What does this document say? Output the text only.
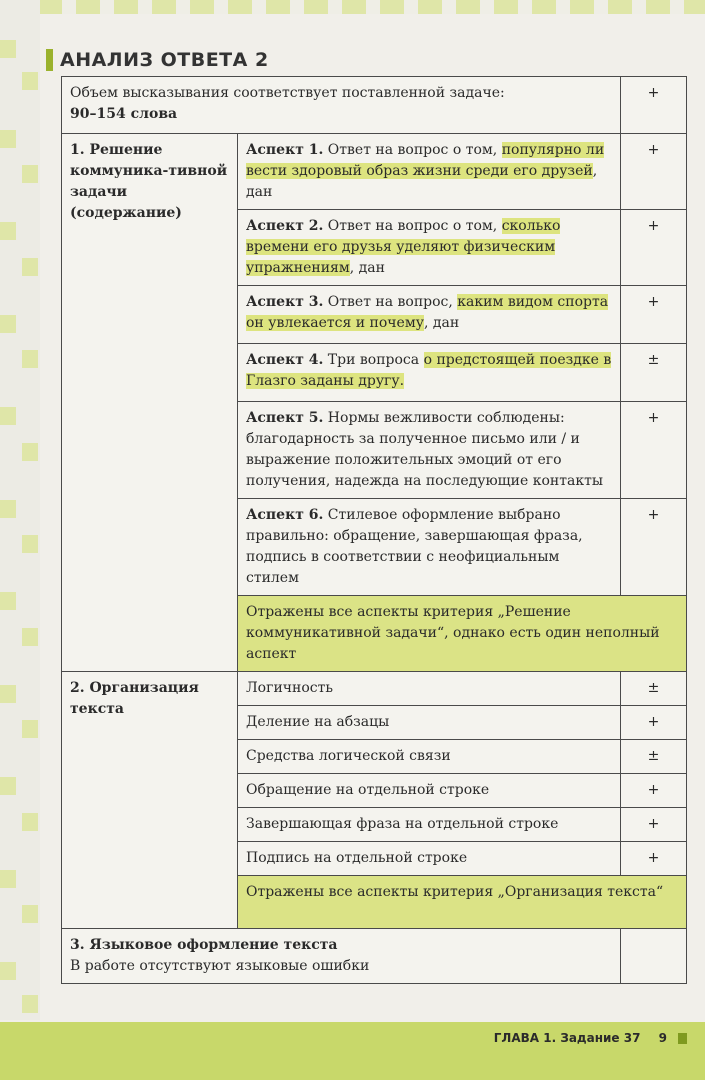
АНАЛИЗ ОТВЕТА 2
Объем высказывания соответствует поставленной задаче:
90–154 слова		+
1. Решение коммуника-тивной задачи (содержание)	Аспект 1. Ответ на вопрос о том, популярно ли вести здоровый образ жизни среди его друзей, дан	+
	Аспект 2. Ответ на вопрос о том, сколько времени его друзья уделяют физическим упражнениям, дан	+
	Аспект 3. Ответ на вопрос, каким видом спорта он увлекается и почему, дан	+
	Аспект 4. Три вопроса о предстоящей поездке в Глазго заданы другу.	±
	Аспект 5. Нормы вежливости соблюдены: благодарность за полученное письмо или / и выражение положительных эмоций от его получения, надежда на последующие контакты	+
	Аспект 6. Стилевое оформление выбрано правильно: обращение, завершающая фраза, подпись в соответствии с неофициальным стилем	+
	Отражены все аспекты критерия „Решение коммуникативной задачи“, однако есть один неполный аспект	
2. Организация текста	Логичность	±
	Деление на абзацы	+
	Средства логической связи	±
	Обращение на отдельной строке	+
	Завершающая фраза на отдельной строке	+
	Подпись на отдельной строке	+
	Отражены все аспекты критерия „Организация текста“	

3. Языковое оформление текста
В работе отсутствуют языковые ошибки		

ГЛАВА 1. Задание 37 9
